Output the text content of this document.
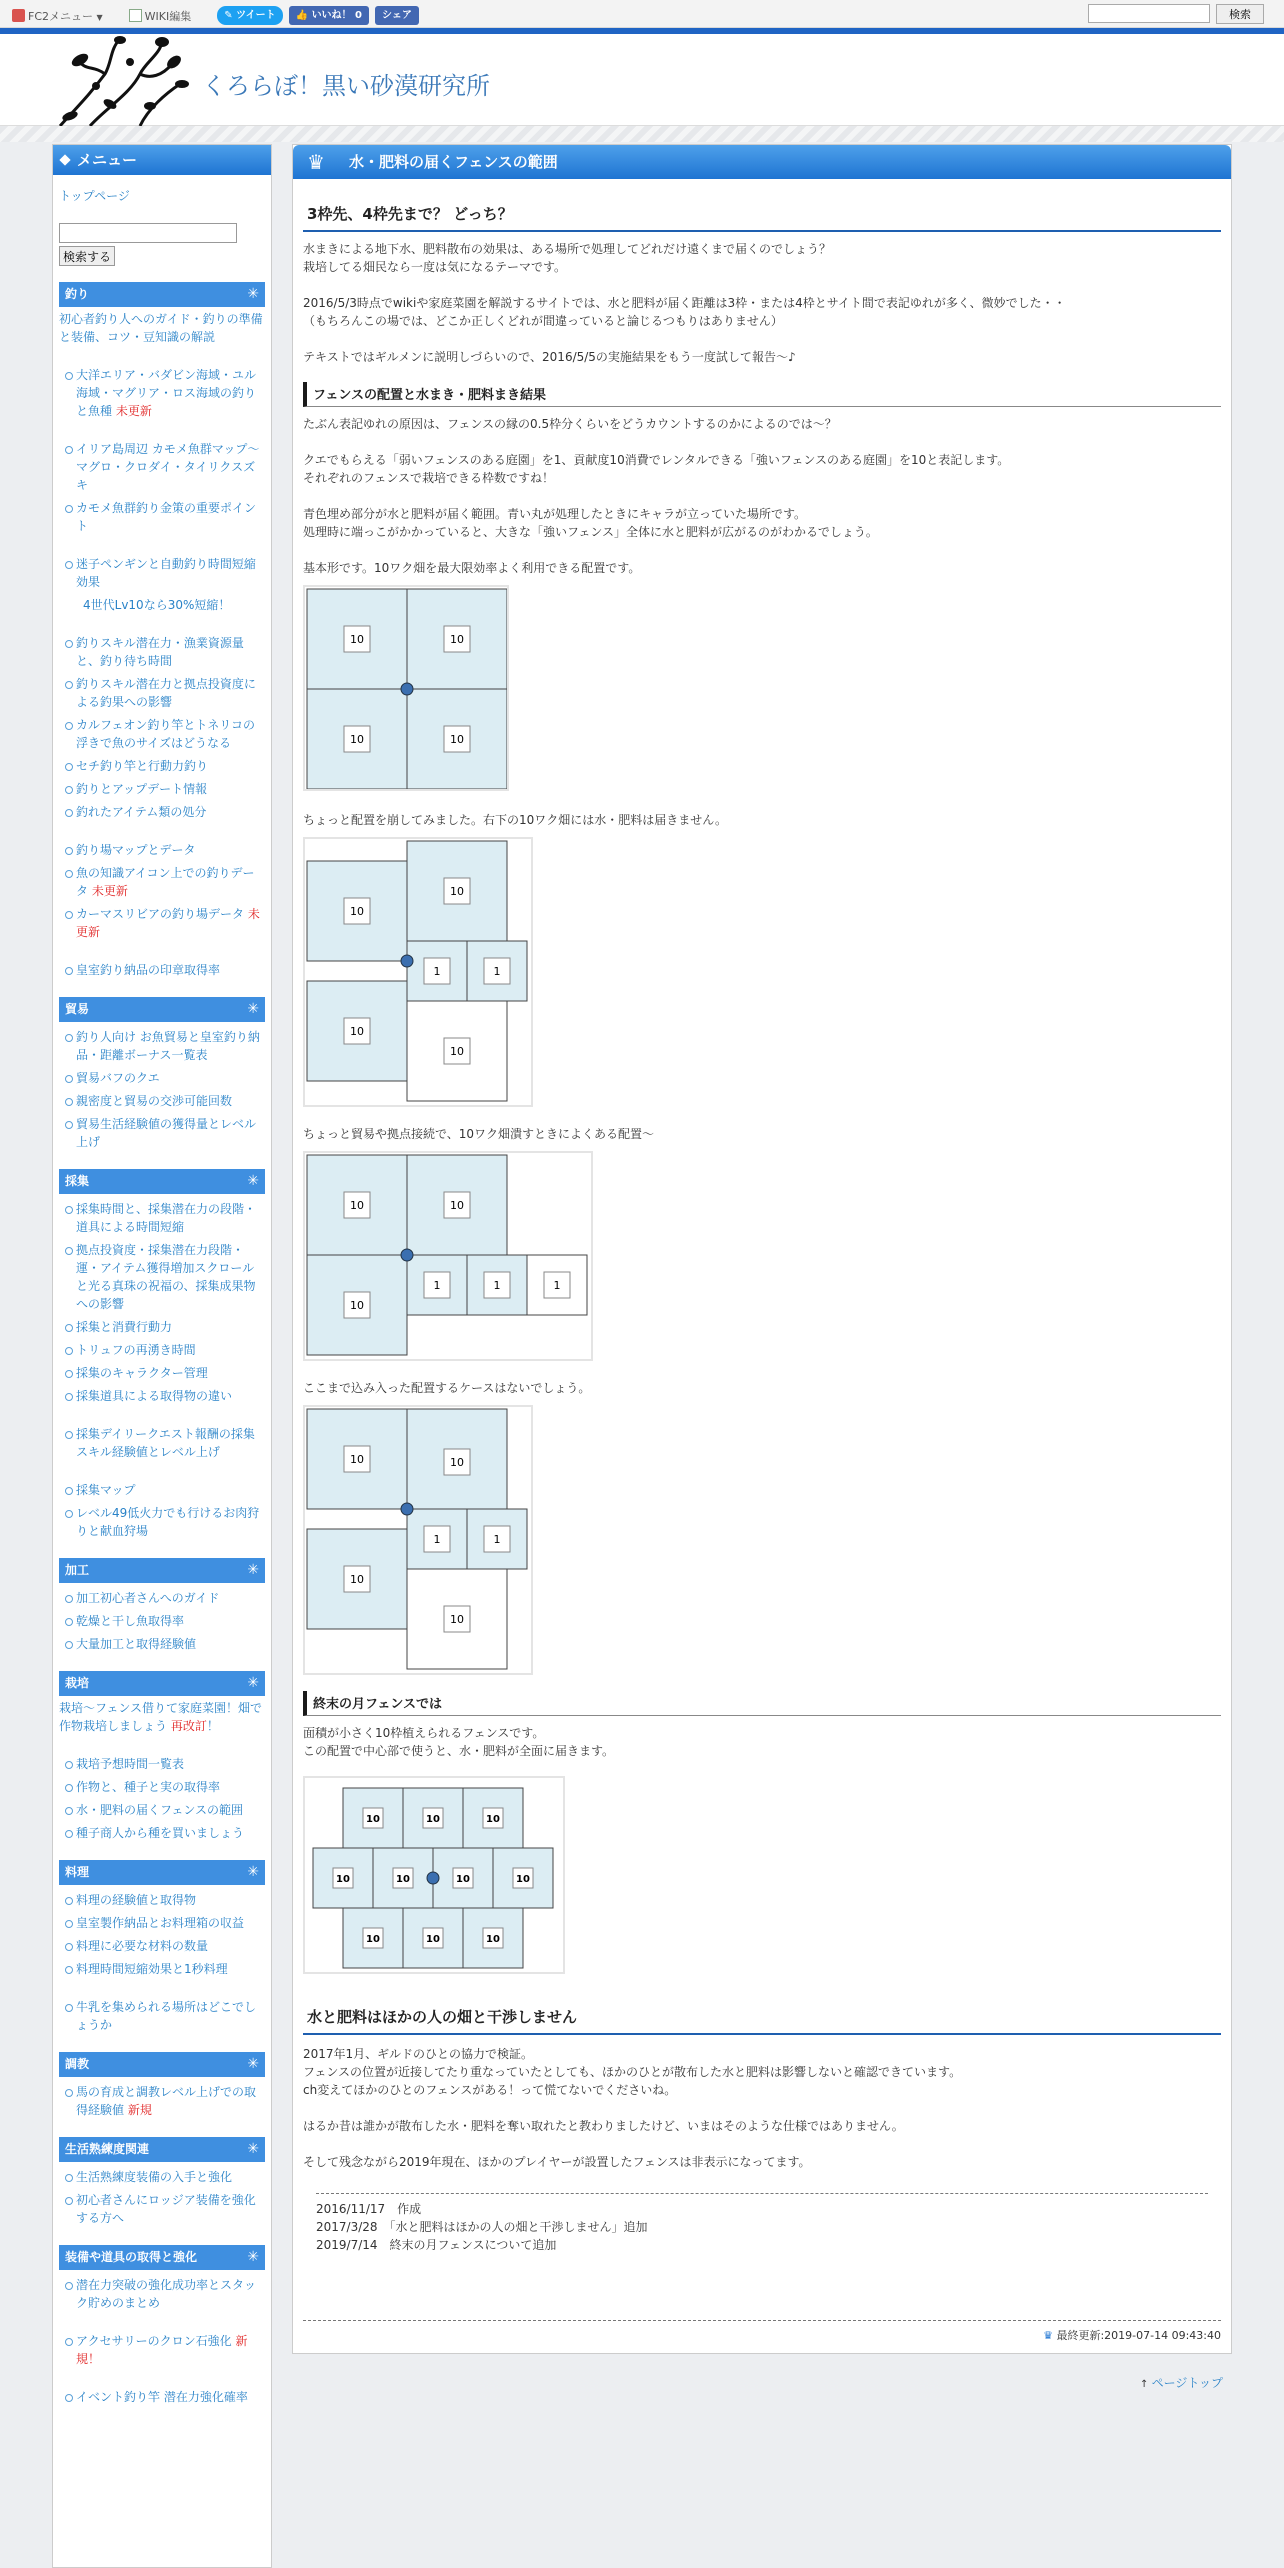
FC2メニュー ▼	WIKI編集	✎ ツイート	👍 いいね！ 0	シェア	検索
くろらぼ！黒い砂漠研究所
メニュー
トップページ
検索する
釣り	✳
初心者釣り人へのガイド・釣りの準備と装備、コツ・豆知識の解説
大洋エリア・バダビン海域・ユル海域・マグリア・ロス海域の釣りと魚種 未更新
イリア島周辺 カモメ魚群マップ～マグロ・クロダイ・タイリクスズキ
カモメ魚群釣り金策の重要ポイント
迷子ペンギンと自動釣り時間短縮効果
4世代Lv10なら30%短縮！
釣りスキル潜在力・漁業資源量と、釣り待ち時間
釣りスキル潜在力と拠点投資度による釣果への影響
カルフェオン釣り竿とトネリコの浮きで魚のサイズはどうなる
セチ釣り竿と行動力釣り
釣りとアップデート情報
釣れたアイテム類の処分
釣り場マップとデータ
魚の知識アイコン上での釣りデータ 未更新
カーマスリビアの釣り場データ 未更新
皇室釣り納品の印章取得率
貿易	✳
釣り人向け お魚貿易と皇室釣り納品・距離ボーナス一覧表
貿易バフのクエ
親密度と貿易の交渉可能回数
貿易生活経験値の獲得量とレベル上げ
採集	✳
採集時間と、採集潜在力の段階・道具による時間短縮
拠点投資度・採集潜在力段階・運・アイテム獲得増加スクロールと光る真珠の祝福の、採集成果物への影響
採集と消費行動力
トリュフの再湧き時間
採集のキャラクター管理
採集道具による取得物の違い
採集デイリークエスト報酬の採集スキル経験値とレベル上げ
採集マップ
レベル49低火力でも行けるお肉狩りと献血狩場
加工	✳
加工初心者さんへのガイド
乾燥と干し魚取得率
大量加工と取得経験値
栽培	✳
栽培～フェンス借りて家庭菜園！畑で作物栽培しましょう 再改訂！
栽培予想時間一覧表
作物と、種子と実の取得率
水・肥料の届くフェンスの範囲
種子商人から種を買いましょう
料理	✳
料理の経験値と取得物
皇室製作納品とお料理箱の収益
料理に必要な材料の数量
料理時間短縮効果と1秒料理
牛乳を集められる場所はどこでしょうか
調教	✳
馬の育成と調教レベル上げでの取得経験値 新規
生活熟練度関連	✳
生活熟練度装備の入手と強化
初心者さんにロッジア装備を強化する方へ
装備や道具の取得と強化	✳
潜在力突破の強化成功率とスタック貯めのまとめ
アクセサリーのクロン石強化 新規！
イベント釣り竿 潜在力強化確率
♛ 水・肥料の届くフェンスの範囲
3枠先、4枠先まで？ どっち？

水まきによる地下水、肥料散布の効果は、ある場所で処理してどれだけ遠くまで届くのでしょう？
栽培してる畑民なら一度は気になるテーマです。

2016/5/3時点でwikiや家庭菜園を解説するサイトでは、水と肥料が届く距離は3枠・または4枠とサイト間で表記ゆれが多く、微妙でした・・
（もちろんこの場では、どこか正しくどれが間違っていると論じるつもりはありません）

テキストではギルメンに説明しづらいので、2016/5/5の実施結果をもう一度試して報告～♪

フェンスの配置と水まき・肥料まき結果

たぶん表記ゆれの原因は、フェンスの縁の0.5枠分くらいをどうカウントするのかによるのでは～？

クエでもらえる「弱いフェンスのある庭園」を1、貢献度10消費でレンタルできる「強いフェンスのある庭園」を10と表記します。
それぞれのフェンスで栽培できる枠数ですね！

青色埋め部分が水と肥料が届く範囲。青い丸が処理したときにキャラが立っていた場所です。
処理時に端っこがかかっていると、大きな「強いフェンス」全体に水と肥料が広がるのがわかるでしょう。

基本形です。10ワク畑を最大限効率よく利用できる配置です。

10	10
10	10

ちょっと配置を崩してみました。右下の10ワク畑には水・肥料は届きません。

10
10
10
1	1
10

ちょっと貿易や拠点接続で、10ワク畑潰すときによくある配置～

10	10
10
1	1	1

ここまで込み入った配置するケースはないでしょう。

10	10
10
1	1
10
終末の月フェンスでは

面積が小さく10枠植えられるフェンスです。
この配置で中心部で使うと、水・肥料が全面に届きます。

10	10	10
10	10	10	10
10	10	10
水と肥料はほかの人の畑と干渉しません

2017年1月、ギルドのひとの協力で検証。
フェンスの位置が近接してたり重なっていたとしても、ほかのひとが散布した水と肥料は影響しないと確認できています。
ch変えてほかのひとのフェンスがある！って慌てないでくださいね。

はるか昔は誰かが散布した水・肥料を奪い取れたと教わりましたけど、いまはそのような仕様ではありません。

そして残念ながら2019年現在、ほかのプレイヤーが設置したフェンスは非表示になってます。

2016/11/17　作成
2017/3/28　「水と肥料はほかの人の畑と干渉しません」追加
2019/7/14　終末の月フェンスについて追加
♛ 最終更新:2019-07-14 09:43:40
↑ ページトップ
